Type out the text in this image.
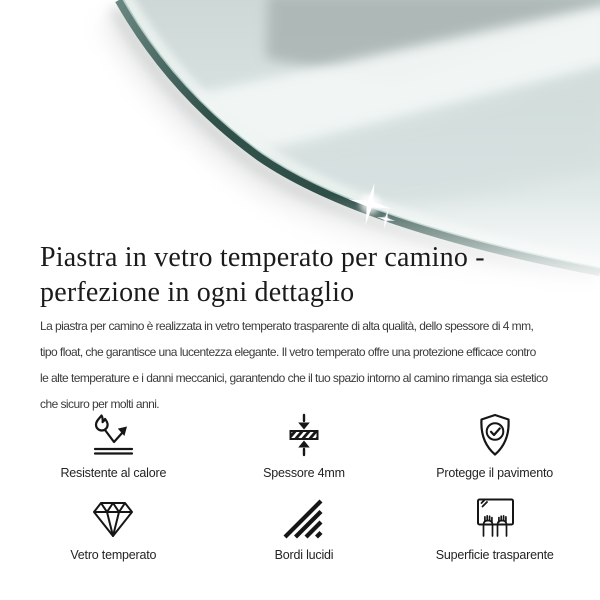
Piastra in vetro temperato per camino - perfezione in ogni dettaglio

La piastra per camino è realizzata in vetro temperato trasparente di alta qualità, dello spessore di 4 mm,
tipo float, che garantisce una lucentezza elegante. Il vetro temperato offre una protezione efficace contro
le alte temperature e i danni meccanici, garantendo che il tuo spazio intorno al camino rimanga sia estetico
che sicuro per molti anni.

Resistente al calore	Spessore 4mm	Protegge il pavimento
Vetro temperato	Bordi lucidi	Superficie trasparente
